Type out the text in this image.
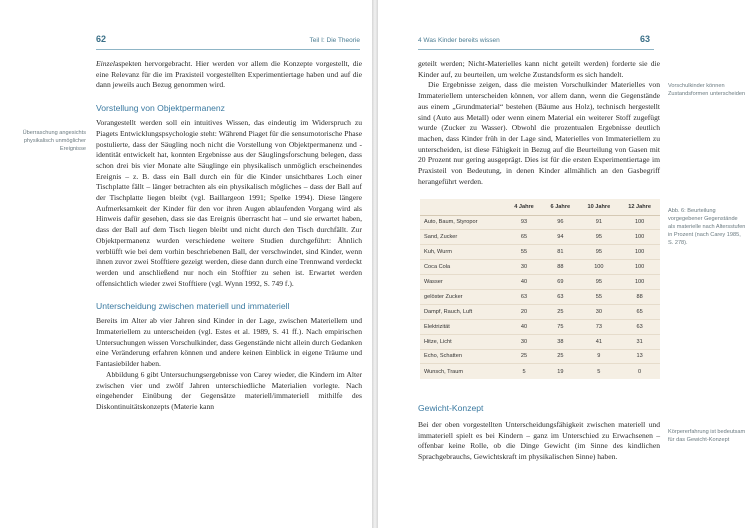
62	Teil I: Die Theorie
Überraschung angesichts physikalisch unmöglicher Ereignisse

Einzelaspekten hervorgebracht. Hier werden vor allem die Konzepte vorgestellt, die eine Relevanz für die im Praxisteil vorgestellten Experimentiertage haben und auf die dann jeweils auch Bezug genommen wird.

Vorstellung von Objektpermanenz

Vorangestellt werden soll ein intuitives Wissen, das eindeutig im Widerspruch zu Piagets Entwicklungspsychologie steht: Während Piaget für die sensumotorische Phase postulierte, dass der Säugling noch nicht die Vorstellung von Objektpermanenz und -identität entwickelt hat, konnten Ergebnisse aus der Säuglingsforschung belegen, dass schon drei bis vier Monate alte Säuglinge ein physikalisch unmöglich erscheinendes Ereignis – z. B. dass ein Ball durch ein für die Kinder unsichtbares Loch einer Tischplatte fällt – länger betrachten als ein physikalisch mögliches – dass der Ball auf der Tischplatte liegen bleibt (vgl. Baillargeon 1991; Spelke 1994). Diese längere Aufmerksamkeit der Kinder für den vor ihren Augen ablaufenden Vorgang wird als Hinweis dafür gesehen, dass sie das Ereignis überrascht hat – und sie erwartet haben, dass der Ball auf dem Tisch liegen bleibt und nicht durch den Tisch durchfällt. Zur Objektpermanenz wurden verschiedene weitere Studien durchgeführt: Ähnlich verblüfft wie bei dem vorhin beschriebenen Ball, der verschwindet, sind Kinder, wenn ihnen zuvor zwei Stofftiere gezeigt werden, diese dann durch eine Trennwand verdeckt werden und anschließend nur noch ein Stofftier zu sehen ist. Erwartet werden offensichtlich wieder zwei Stofftiere (vgl. Wynn 1992, S. 749 f.).

Unterscheidung zwischen materiell und immateriell

Bereits im Alter ab vier Jahren sind Kinder in der Lage, zwischen Materiellem und Immateriellem zu unterscheiden (vgl. Estes et al. 1989, S. 41 ff.). Nach empirischen Untersuchungen wissen Vorschulkinder, dass Gegenstände nicht allein durch Gedanken eine Veränderung erfahren können und andere keinen Einblick in eigene Träume und Fantasiebilder haben.

Abbildung 6 gibt Untersuchungsergebnisse von Carey wieder, die Kindern im Alter zwischen vier und zwölf Jahren unterschiedliche Materialien vorlegte. Nach eingehender Einübung der Gegensätze materiell/immateriell mithilfe des Diskontinuitätskonzepts (Materie kann

4 Was Kinder bereits wissen	63

geteilt werden; Nicht-Materielles kann nicht geteilt werden) forderte sie die Kinder auf, zu beurteilen, um welche Zustandsform es sich handelt.

Die Ergebnisse zeigen, dass die meisten Vorschulkinder Materielles von Immateriellem unterscheiden können, vor allem dann, wenn die Gegenstände aus einem „Grundmaterial“ bestehen (Bäume aus Holz), technisch hergestellt sind (Auto aus Metall) oder wenn einem Material ein weiterer Stoff zugefügt wurde (Zucker zu Wasser). Obwohl die prozentualen Ergebnisse deutlich machen, dass Kinder früh in der Lage sind, Materielles von Immateriellem zu unterscheiden, ist diese Fähigkeit in Bezug auf die Beurteilung von Gasen mit 20 Prozent nur gering ausgeprägt. Dies ist für die ersten Experimentiertage im Praxisteil von Bedeutung, in denen Kinder allmählich an den Gasbegriff herangeführt werden.

Vorschulkinder können Zustandsformen unterscheiden
	4 Jahre	6 Jahre	10 Jahre	12 Jahre
Auto, Baum, Styropor	93	96	91	100
Sand, Zucker	65	94	95	100
Kuh, Wurm	55	81	95	100
Coca Cola	30	88	100	100
Wasser	40	69	95	100
gelöster Zucker	63	63	55	88
Dampf, Rauch, Luft	20	25	30	65
Elektrizität	40	75	73	63
Hitze, Licht	30	38	41	31
Echo, Schatten	25	25	9	13
Wunsch, Traum	5	19	5	0
Abb. 6: Beurteilung vorgegebener Gegenstände als materielle nach Altersstufen in Prozent (nach Carey 1985, S. 278).
Gewicht-Konzept

Bei der oben vorgestellten Unterscheidungsfähigkeit zwischen materiell und immateriell spielt es bei Kindern – ganz im Unterschied zu Erwachsenen – offenbar keine Rolle, ob die Dinge Gewicht (im Sinne des kindlichen Sprachgebrauchs, Gewichtskraft im physikalischen Sinne) haben.

Körpererfahrung ist bedeutsam für das Gewicht-Konzept
